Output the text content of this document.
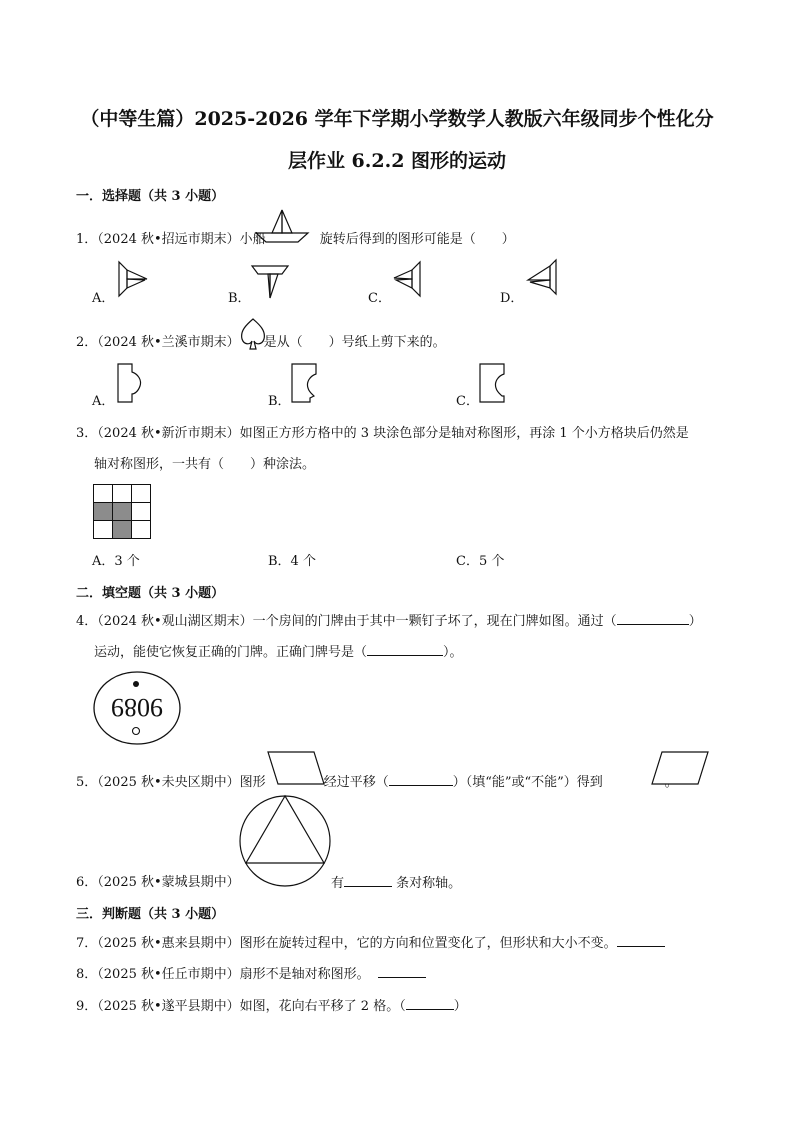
（中等生篇）2025-2026 学年下学期小学数学人教版六年级同步个性化分
层作业 6.2.2 图形的运动
一．选择题（共 3 小题）
1．（2024 秋•招远市期末）小船	旋转后得到的图形可能是（　　）
A．	B．	C．	D．
2．（2024 秋•兰溪市期末） 是从（　　）号纸上剪下来的。
A．	B．	C．
3．（2024 秋•新沂市期末）如图正方形方格中的 3 块涂色部分是轴对称图形，再涂 1 个小方格块后仍然是
轴对称图形，一共有（　　）种涂法。
A．3 个	B．4 个	C．5 个
二．填空题（共 3 小题）
4．（2024 秋•观山湖区期末）一个房间的门牌由于其中一颗钉子坏了，现在门牌如图。通过（	）
运动，能使它恢复正确的门牌。正确门牌号是（	）。
9089
5．（2025 秋•未央区期中）图形	经过平移（	）（填“能”或“不能”）得到	。
6．（2025 秋•蒙城县期中）	有	条对称轴。
三．判断题（共 3 小题）
7．（2025 秋•惠来县期中）图形在旋转过程中，它的方向和位置变化了，但形状和大小不变。
8．（2025 秋•任丘市期中）扇形不是轴对称图形。
9．（2025 秋•遂平县期中）如图，花向右平移了 2 格。（	）
